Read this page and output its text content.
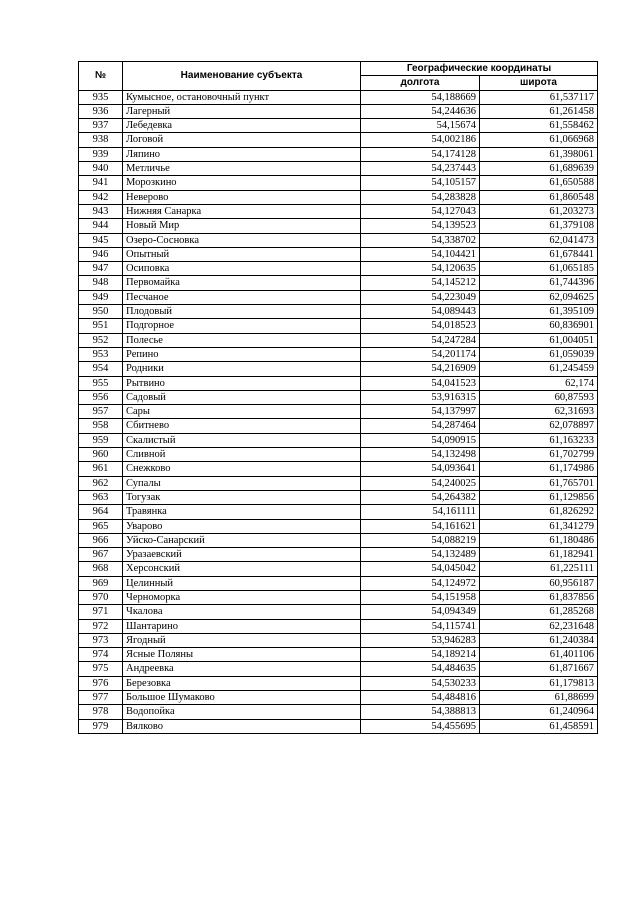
№	Наименование субъекта	Географические координаты	
		долгота	широта
935	Кумысное, остановочный пункт	54,188669	61,537117
936	Лагерный	54,244636	61,261458
937	Лебедевка	54,15674	61,558462
938	Логовой	54,002186	61,066968
939	Ляпино	54,174128	61,398061
940	Метличье	54,237443	61,689639
941	Морозкино	54,105157	61,650588
942	Неверово	54,283828	61,860548
943	Нижняя Санарка	54,127043	61,203273
944	Новый Мир	54,139523	61,379108
945	Озеро-Сосновка	54,338702	62,041473
946	Опытный	54,104421	61,678441
947	Осиповка	54,120635	61,065185
948	Первомайка	54,145212	61,744396
949	Песчаное	54,223049	62,094625
950	Плодовый	54,089443	61,395109
951	Подгорное	54,018523	60,836901
952	Полесье	54,247284	61,004051
953	Репино	54,201174	61,059039
954	Родники	54,216909	61,245459
955	Рытвино	54,041523	62,174
956	Садовый	53,916315	60,87593
957	Сары	54,137997	62,31693
958	Сбитнево	54,287464	62,078897
959	Скалистый	54,090915	61,163233
960	Сливной	54,132498	61,702799
961	Снежково	54,093641	61,174986
962	Супалы	54,240025	61,765701
963	Тогузак	54,264382	61,129856
964	Травянка	54,161111	61,826292
965	Уварово	54,161621	61,341279
966	Уйско-Санарский	54,088219	61,180486
967	Уразаевский	54,132489	61,182941
968	Херсонский	54,045042	61,225111
969	Целинный	54,124972	60,956187
970	Черноморка	54,151958	61,837856
971	Чкалова	54,094349	61,285268
972	Шантарино	54,115741	62,231648
973	Ягодный	53,946283	61,240384
974	Ясные Поляны	54,189214	61,401106
975	Андреевка	54,484635	61,871667
976	Березовка	54,530233	61,179813
977	Большое Шумаково	54,484816	61,88699
978	Водопойка	54,388813	61,240964
979	Вялково	54,455695	61,458591
